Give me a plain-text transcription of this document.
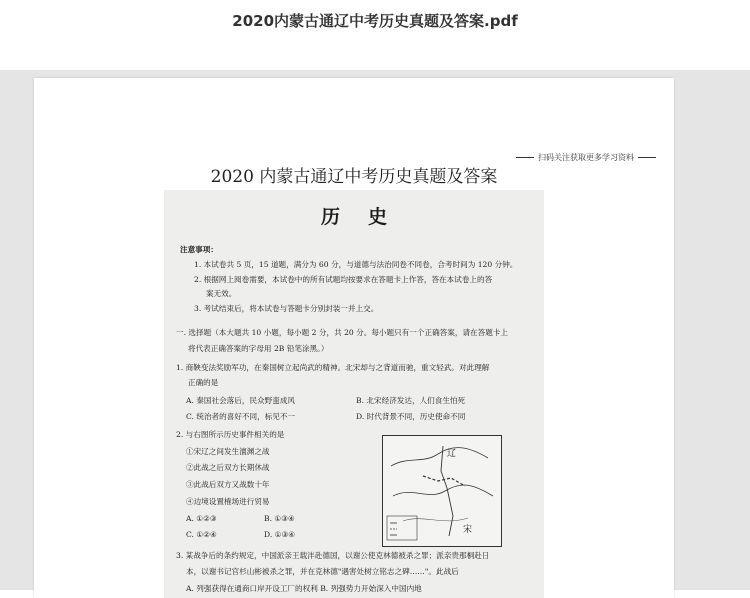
2020内蒙古通辽中考历史真题及答案.pdf
扫码关注获取更多学习资料
2020 内蒙古通辽中考历史真题及答案
历史
注意事项：
1. 本试卷共 5 页，15 道题，满分为 60 分，与道德与法治同卷不同卷，合考时间为 120 分钟。
2. 根据网上阅卷需要，本试卷中的所有试题均按要求在答题卡上作答，答在本试卷上的答
案无效。
3. 考试结束后，将本试卷与答题卡分别封装一并上交。
一. 选择题（本大题共 10 小题，每小题 2 分，共 20 分。每小题只有一个正确答案，请在答题卡上
将代表正确答案的字母用 2B 铅笔涂黑。）
1. 商鞅变法奖励军功，在秦国树立起尚武的精神。北宋却与之背道而驰，重文轻武。对此理解
正确的是
A. 秦国社会落后，民众野蛮成风	B. 北宋经济发达，人们食生怕死
C. 统治者的喜好不同，标见不一	D. 时代背景不同，历史使命不同
2. 与右图所示历史事件相关的是
①宋辽之间发生澶渊之战
②此战之后双方长期休战
③此战后双方又战数十年
④边境设置榷场进行贸易
A. ①②③	B. ①③④
C. ①②④	D. ①③④
辽
宋
3. 某战争后的条约规定，中国派亲王载沣赴德国，以谢公使克林德被杀之罪；派亲贵那桐赴日
本，以谢书记官杉山彬被杀之罪，并在克林德"遇害处树立铭志之碑……"。此战后
A. 列强获得在通商口岸开设工厂的权利 B. 列强势力开始深入中国内地
